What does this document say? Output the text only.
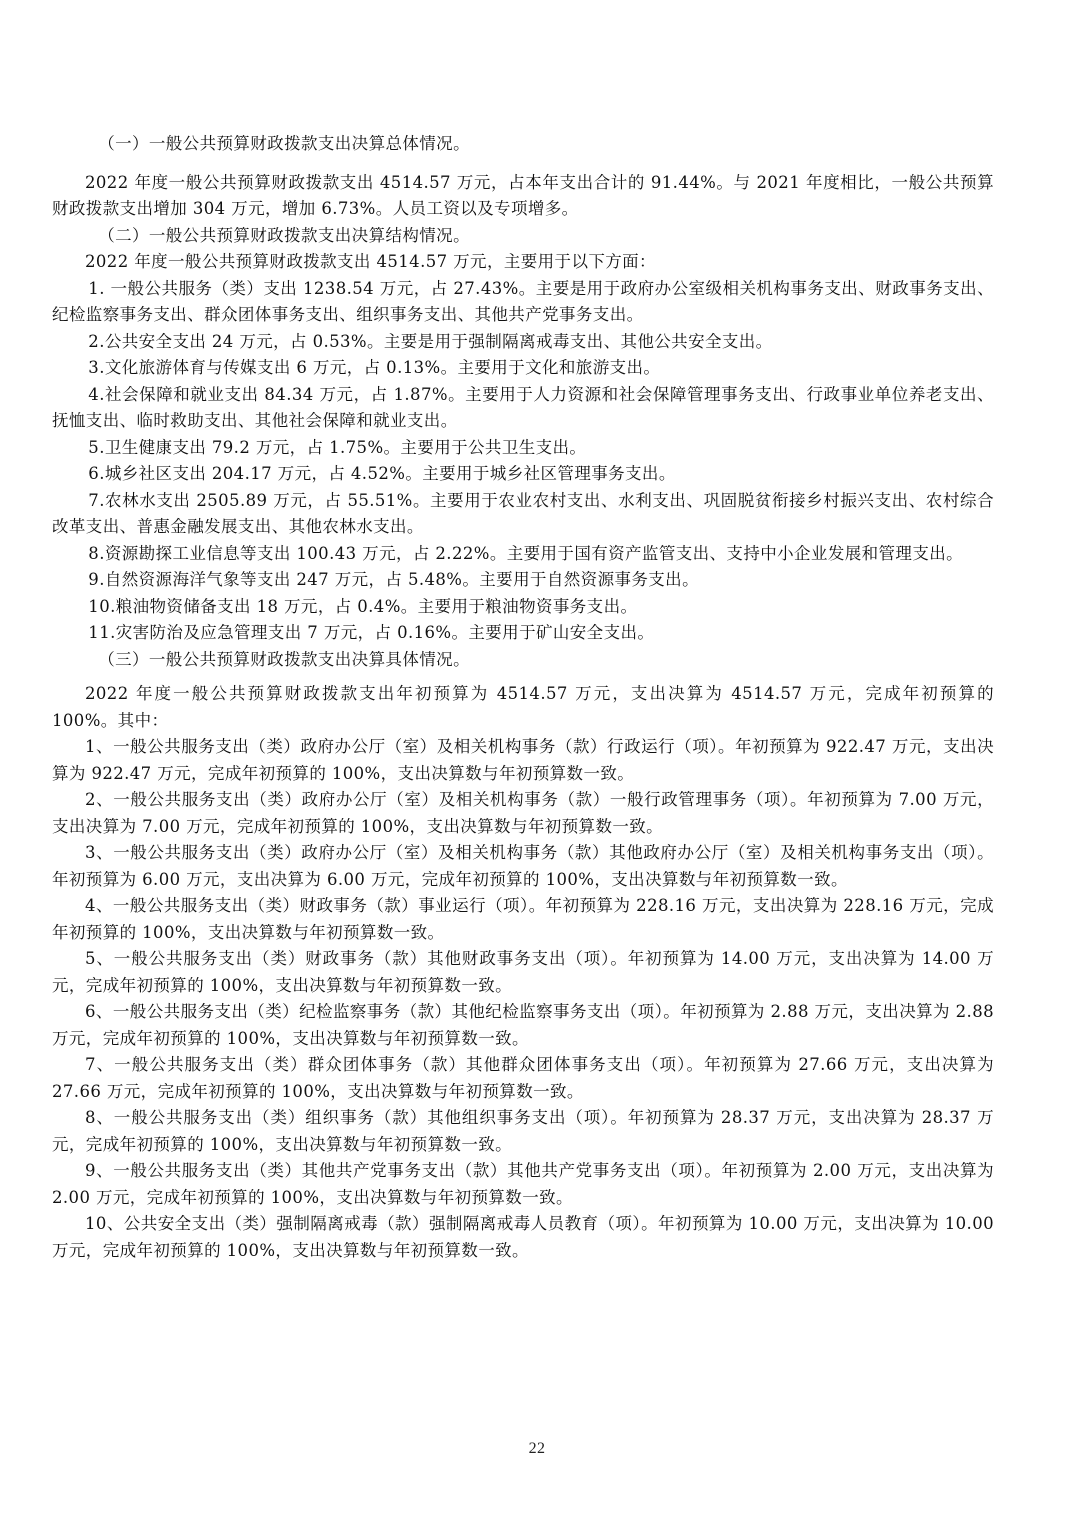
（一）一般公共预算财政拨款支出决算总体情况。

2022 年度一般公共预算财政拨款支出 4514.57 万元，占本年支出合计的 91.44%。与 2021 年度相比，一般公共预算财政拨款支出增加 304 万元，增加 6.73%。人员工资以及专项增多。

（二）一般公共预算财政拨款支出决算结构情况。

2022 年度一般公共预算财政拨款支出 4514.57 万元，主要用于以下方面：

1. 一般公共服务（类）支出 1238.54 万元，占 27.43%。主要是用于政府办公室级相关机构事务支出、财政事务支出、纪检监察事务支出、群众团体事务支出、组织事务支出、其他共产党事务支出。

2.公共安全支出 24 万元，占 0.53%。主要是用于强制隔离戒毒支出、其他公共安全支出。

3.文化旅游体育与传媒支出 6 万元，占 0.13%。主要用于文化和旅游支出。

4.社会保障和就业支出 84.34 万元，占 1.87%。主要用于人力资源和社会保障管理事务支出、行政事业单位养老支出、抚恤支出、临时救助支出、其他社会保障和就业支出。

5.卫生健康支出 79.2 万元，占 1.75%。主要用于公共卫生支出。

6.城乡社区支出 204.17 万元，占 4.52%。主要用于城乡社区管理事务支出。

7.农林水支出 2505.89 万元，占 55.51%。主要用于农业农村支出、水利支出、巩固脱贫衔接乡村振兴支出、农村综合改革支出、普惠金融发展支出、其他农林水支出。

8.资源勘探工业信息等支出 100.43 万元，占 2.22%。主要用于国有资产监管支出、支持中小企业发展和管理支出。

9.自然资源海洋气象等支出 247 万元，占 5.48%。主要用于自然资源事务支出。

10.粮油物资储备支出 18 万元，占 0.4%。主要用于粮油物资事务支出。

11.灾害防治及应急管理支出 7 万元，占 0.16%。主要用于矿山安全支出。

（三）一般公共预算财政拨款支出决算具体情况。

2022 年度一般公共预算财政拨款支出年初预算为 4514.57 万元，支出决算为 4514.57 万元，完成年初预算的 100%。其中：

1、一般公共服务支出（类）政府办公厅（室）及相关机构事务（款）行政运行（项）。年初预算为 922.47 万元，支出决算为 922.47 万元，完成年初预算的 100%，支出决算数与年初预算数一致。

2、一般公共服务支出（类）政府办公厅（室）及相关机构事务（款）一般行政管理事务（项）。年初预算为 7.00 万元，支出决算为 7.00 万元，完成年初预算的 100%，支出决算数与年初预算数一致。

3、一般公共服务支出（类）政府办公厅（室）及相关机构事务（款）其他政府办公厅（室）及相关机构事务支出（项）。年初预算为 6.00 万元，支出决算为 6.00 万元，完成年初预算的 100%，支出决算数与年初预算数一致。

4、一般公共服务支出（类）财政事务（款）事业运行（项）。年初预算为 228.16 万元，支出决算为 228.16 万元，完成年初预算的 100%，支出决算数与年初预算数一致。

5、一般公共服务支出（类）财政事务（款）其他财政事务支出（项）。年初预算为 14.00 万元，支出决算为 14.00 万元，完成年初预算的 100%，支出决算数与年初预算数一致。

6、一般公共服务支出（类）纪检监察事务（款）其他纪检监察事务支出（项）。年初预算为 2.88 万元，支出决算为 2.88 万元，完成年初预算的 100%，支出决算数与年初预算数一致。

7、一般公共服务支出（类）群众团体事务（款）其他群众团体事务支出（项）。年初预算为 27.66 万元，支出决算为 27.66 万元，完成年初预算的 100%，支出决算数与年初预算数一致。

8、一般公共服务支出（类）组织事务（款）其他组织事务支出（项）。年初预算为 28.37 万元，支出决算为 28.37 万元，完成年初预算的 100%，支出决算数与年初预算数一致。

9、一般公共服务支出（类）其他共产党事务支出（款）其他共产党事务支出（项）。年初预算为 2.00 万元，支出决算为 2.00 万元，完成年初预算的 100%，支出决算数与年初预算数一致。

10、公共安全支出（类）强制隔离戒毒（款）强制隔离戒毒人员教育（项）。年初预算为 10.00 万元，支出决算为 10.00 万元，完成年初预算的 100%，支出决算数与年初预算数一致。

22
